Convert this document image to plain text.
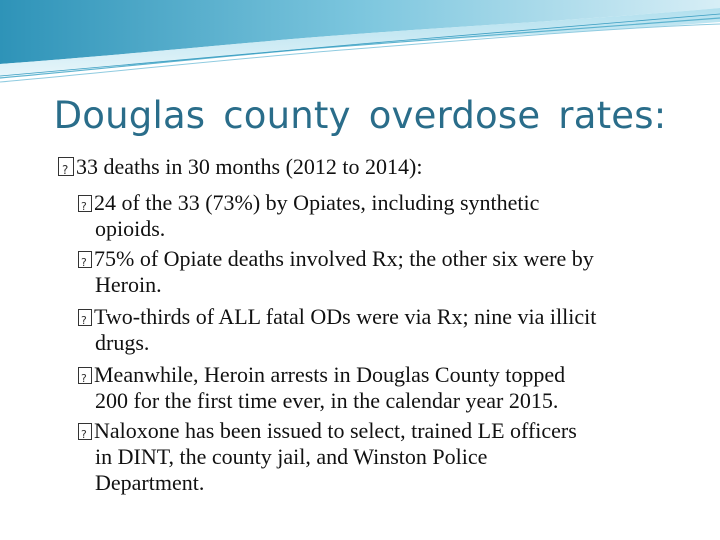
Douglas county overdose rates:
?33 deaths in 30 months (2012 to 2014):
?24 of the 33 (73%) by Opiates, including synthetic
opioids.
?75% of Opiate deaths involved Rx; the other six were by
Heroin.
?Two-thirds of ALL fatal ODs were via Rx; nine via illicit
drugs.
?Meanwhile, Heroin arrests in Douglas County topped
200 for the first time ever, in the calendar year 2015.
?Naloxone has been issued to select, trained LE officers
in DINT, the county jail, and Winston Police
Department.
